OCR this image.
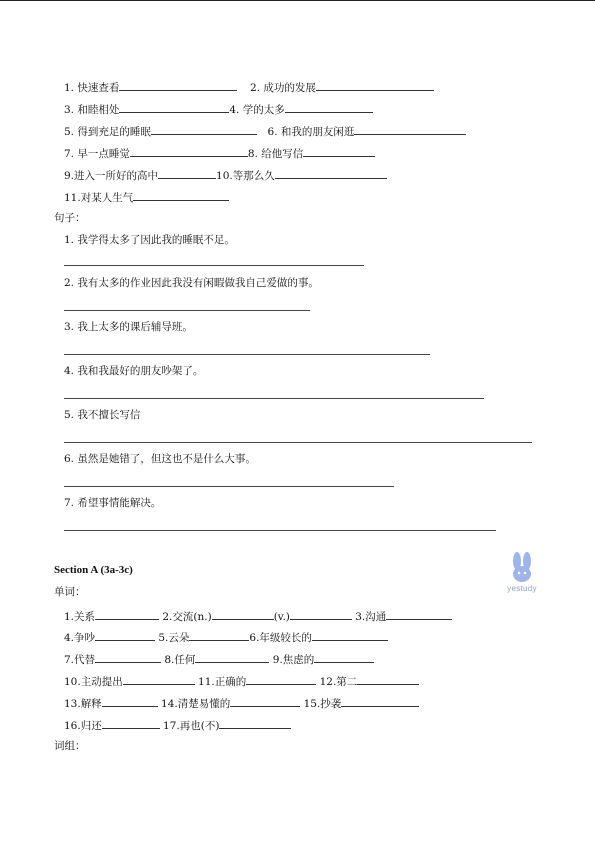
1. 快速查看	2. 成功的发展
3. 和睦相处	4. 学的太多
5. 得到充足的睡眠	6. 和我的朋友闲逛
7. 早一点睡觉	8. 给他写信
9.进入一所好的高中	10.等那么久
11.对某人生气
句子：
1. 我学得太多了因此我的睡眠不足。
2. 我有太多的作业因此我没有闲暇做我自己爱做的事。
3. 我上太多的课后辅导班。
4. 我和我最好的朋友吵架了。
5. 我不擅长写信
6. 虽然是她错了，但这也不是什么大事。
7. 希望事情能解决。
Section A (3a-3c)
yestudy
单词：
1.关系	2.交流(n.)	(v.)	3.沟通
4.争吵	5.云朵	6.年级较长的
7.代替	8.任何	9.焦虑的
10.主动提出	11.正确的	12.第二
13.解释	14.清楚易懂的	15.抄袭
16.归还	17.再也(不)
词组：
